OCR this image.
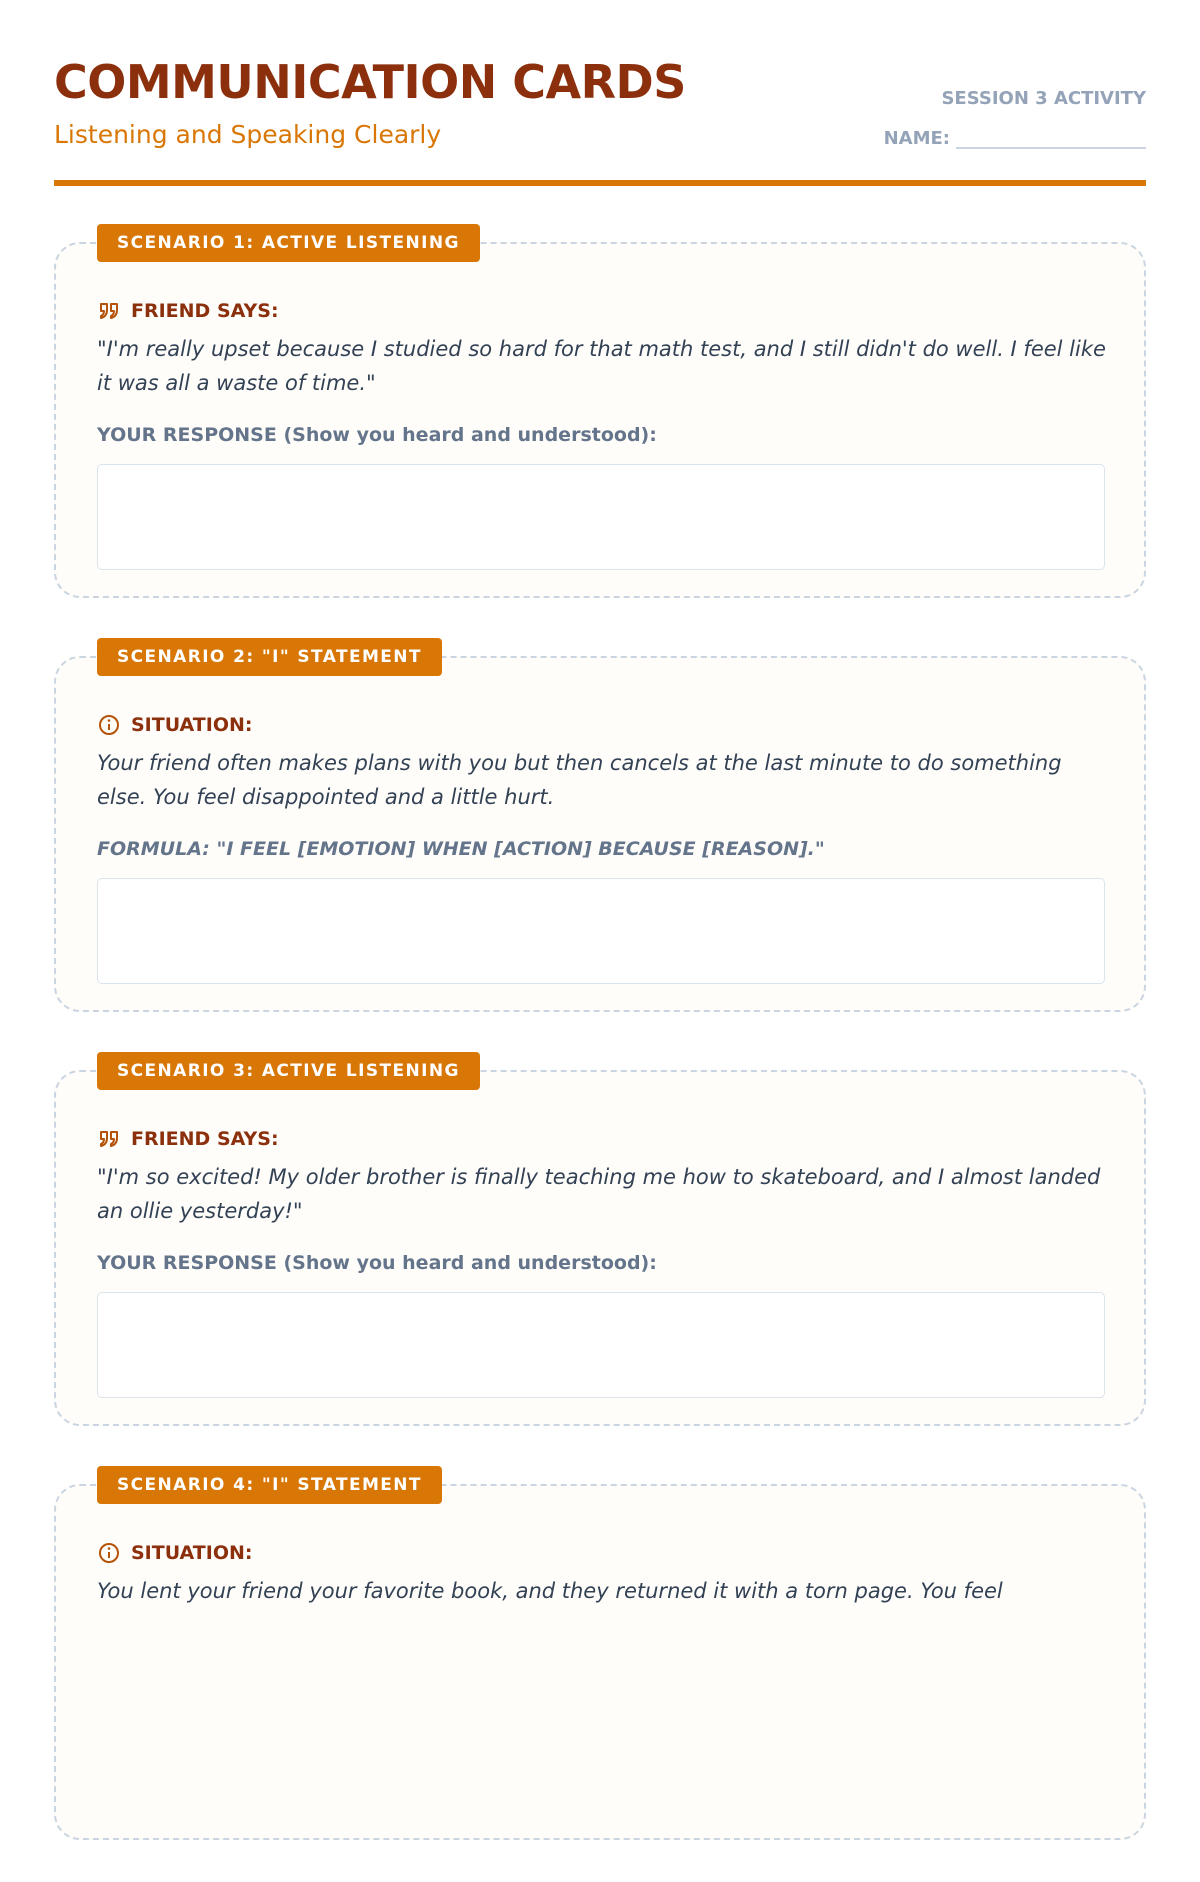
COMMUNICATION CARDS
Listening and Speaking Clearly
SESSION 3 ACTIVITY
NAME:
SCENARIO 1: ACTIVE LISTENING
FRIEND SAYS:

"I'm really upset because I studied so hard for that math test, and I still didn't do well. I feel like it was all a waste of time."

YOUR RESPONSE (Show you heard and understood):
SCENARIO 2: "I" STATEMENT
SITUATION:

Your friend often makes plans with you but then cancels at the last minute to do something else. You feel disappointed and a little hurt.

FORMULA: "I FEEL [EMOTION] WHEN [ACTION] BECAUSE [REASON]."
SCENARIO 3: ACTIVE LISTENING
FRIEND SAYS:

"I'm so excited! My older brother is finally teaching me how to skateboard, and I almost landed an ollie yesterday!"

YOUR RESPONSE (Show you heard and understood):
SCENARIO 4: "I" STATEMENT
SITUATION:

You lent your friend your favorite book, and they returned it with a torn page. You feel
